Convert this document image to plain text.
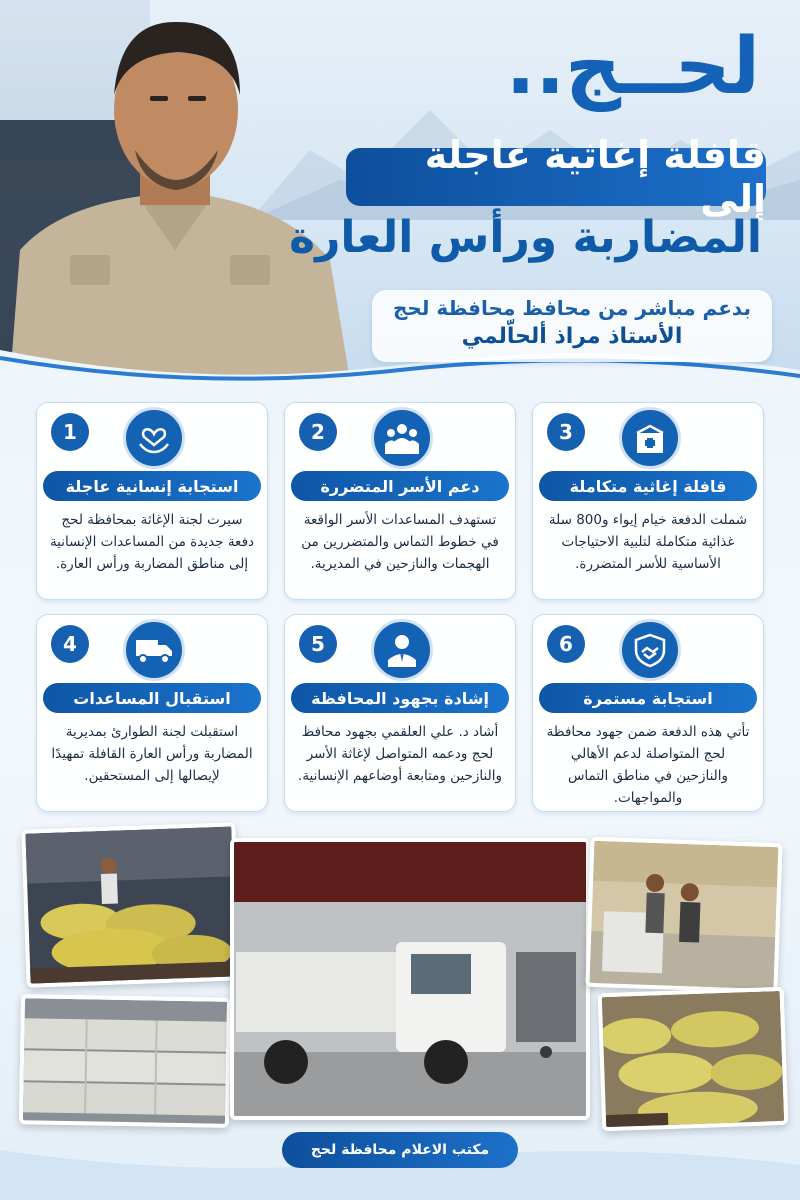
لحــج..
قافلة إغاثية عاجلة إلى
المضاربة ورأس العارة
بدعم مباشر من محافظ محافظة لحج
الأستاذ مراذ ألحاّلمي
1
استجابة إنسانية عاجلة
سيرت لجنة الإغاثة بمحافظة لحج دفعة جديدة من المساعدات الإنسانية إلى مناطق المضاربة ورأس العارة.
2
دعم الأسر المتضررة
تستهدف المساعدات الأسر الواقعة في خطوط التماس والمتضررين من الهجمات والنازحين في المديرية.
3
قافلة إغاثية متكاملة
شملت الدفعة خيام إيواء و800 سلة غذائية متكاملة لتلبية الاحتياجات الأساسية للأسر المتضررة.
4
استقبال المساعدات
استقبلت لجنة الطوارئ بمديرية المضاربة ورأس العارة القافلة تمهيدًا لإيصالها إلى المستحقين.
5
إشادة بجهود المحافظة
أشاد د. علي العلقمي بجهود محافظ لحج ودعمه المتواصل لإغاثة الأسر والنازحين ومتابعة أوضاعهم الإنسانية.
6
استجابة مستمرة
تأتي هذه الدفعة ضمن جهود محافظة لحج المتواصلة لدعم الأهالي والنازحين في مناطق التماس والمواجهات.
مكتب الاعلام محافظة لحج
